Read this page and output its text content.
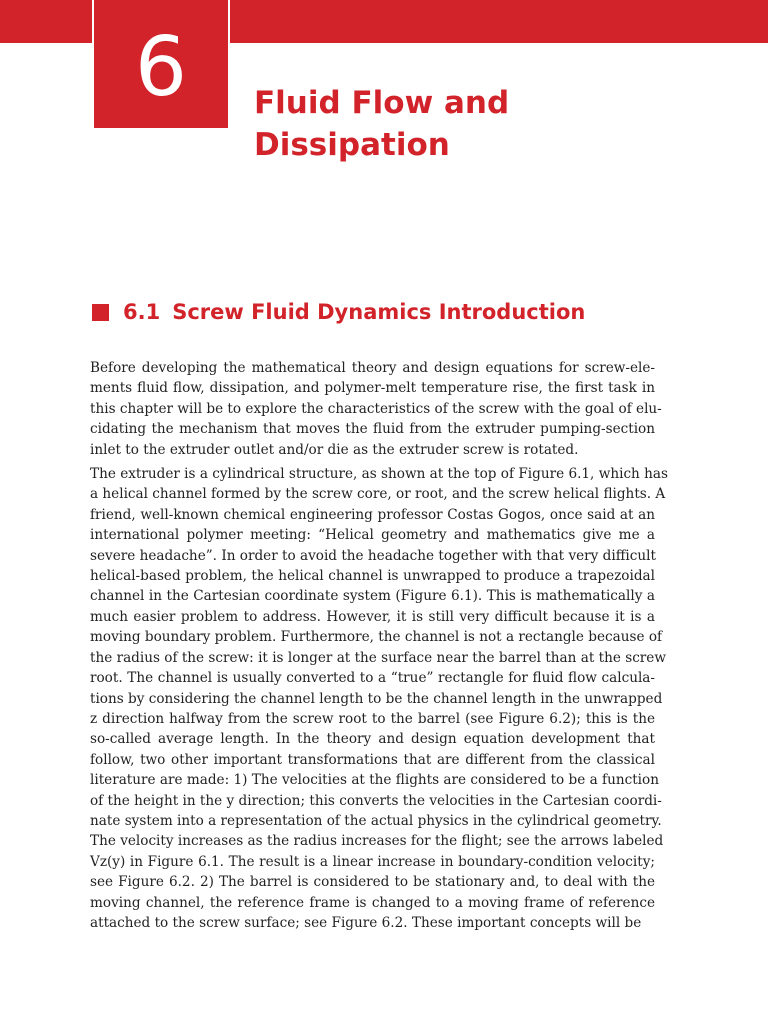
6 Fluid Flow and
Dissipation
6.1 Screw Fluid Dynamics Introduction

Before developing the mathematical theory and design equations for screw-ele-
ments fluid flow, dissipation, and polymer-melt temperature rise, the first task in
this chapter will be to explore the characteristics of the screw with the goal of elu-
cidating the mechanism that moves the fluid from the extruder pumping-section
inlet to the extruder outlet and/or die as the extruder screw is rotated.

The extruder is a cylindrical structure, as shown at the top of Figure 6.1, which has
a helical channel formed by the screw core, or root, and the screw helical flights. A
friend, well-known chemical engineering professor Costas Gogos, once said at an
international polymer meeting: “Helical geometry and mathematics give me a
severe headache”. In order to avoid the headache together with that very difficult
helical-based problem, the helical channel is unwrapped to produce a trapezoidal
channel in the Cartesian coordinate system (Figure 6.1). This is mathematically a
much easier problem to address. However, it is still very difficult because it is a
moving boundary problem. Furthermore, the channel is not a rectangle because of
the radius of the screw: it is longer at the surface near the barrel than at the screw
root. The channel is usually converted to a “true” rectangle for fluid flow calcula-
tions by considering the channel length to be the channel length in the unwrapped
z direction halfway from the screw root to the barrel (see Figure 6.2); this is the
so-called average length. In the theory and design equation development that
follow, two other important transformations that are different from the classical
literature are made: 1) The velocities at the flights are considered to be a function
of the height in the y direction; this converts the velocities in the Cartesian coordi-
nate system into a representation of the actual physics in the cylindrical geometry.
The velocity increases as the radius increases for the flight; see the arrows labeled
Vz(y) in Figure 6.1. The result is a linear increase in boundary-condition velocity;
see Figure 6.2. 2) The barrel is considered to be stationary and, to deal with the
moving channel, the reference frame is changed to a moving frame of reference
attached to the screw surface; see Figure 6.2. These important concepts will be
